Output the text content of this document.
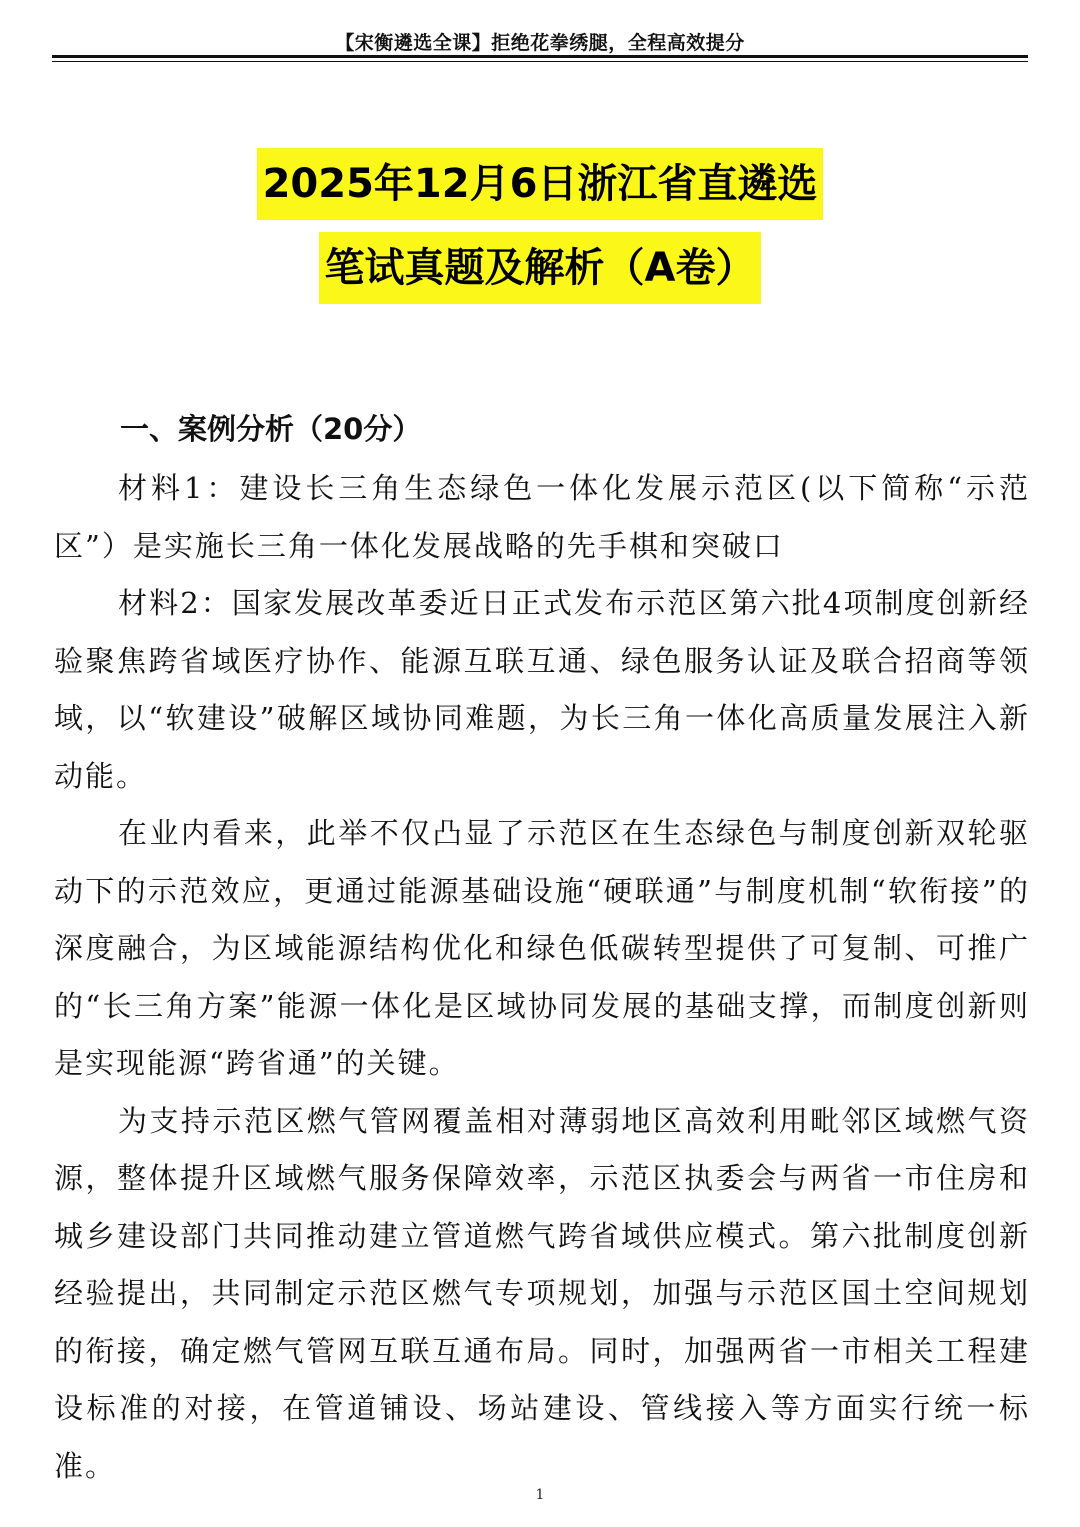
【宋衡遴选全课】拒绝花拳绣腿，全程高效提分
2025年12月6日浙江省直遴选
笔试真题及解析（A卷）
一、案例分析（20分）

材料1：建设长三角生态绿色一体化发展示范区(以下简称“示范区”）是实施长三角一体化发展战略的先手棋和突破口

材料2：国家发展改革委近日正式发布示范区第六批4项制度创新经验聚焦跨省域医疗协作、能源互联互通、绿色服务认证及联合招商等领域，以“软建设”破解区域协同难题，为长三角一体化高质量发展注入新动能。

在业内看来，此举不仅凸显了示范区在生态绿色与制度创新双轮驱动下的示范效应，更通过能源基础设施“硬联通”与制度机制“软衔接”的深度融合，为区域能源结构优化和绿色低碳转型提供了可复制、可推广的“长三角方案”能源一体化是区域协同发展的基础支撑，而制度创新则是实现能源“跨省通”的关键。

为支持示范区燃气管网覆盖相对薄弱地区高效利用毗邻区域燃气资源，整体提升区域燃气服务保障效率，示范区执委会与两省一市住房和城乡建设部门共同推动建立管道燃气跨省域供应模式。第六批制度创新经验提出，共同制定示范区燃气专项规划，加强与示范区国土空间规划的衔接，确定燃气管网互联互通布局。同时，加强两省一市相关工程建设标准的对接，在管道铺设、场站建设、管线接入等方面实行统一标准。

1
